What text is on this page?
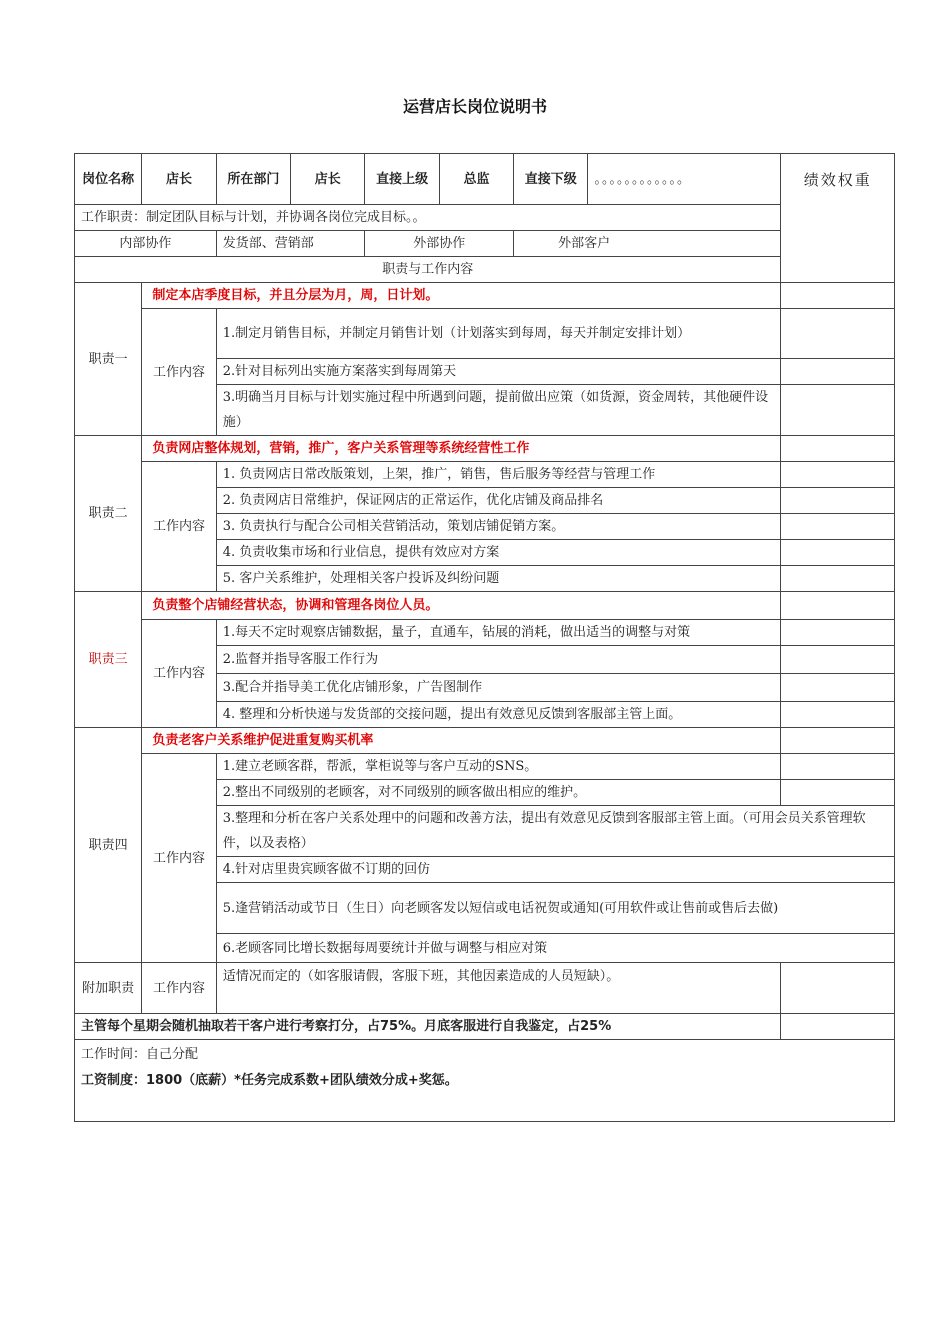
运营店长岗位说明书
岗位名称	店长	所在部门	店长	直接上级	总监	直接下级	。。。。。。。。。。。。	绩效权重
工作职责：制定团队目标与计划，并协调各岗位完成目标。。								
内部协作		发货部、营销部		外部协作		外部客户		
职责与工作内容								
职责一	制定本店季度目标，并且分层为月，周，日计划。							
	工作内容	1.制定月销售目标，并制定月销售计划（计划落实到每周，每天并制定安排计划）						
		2.针对目标列出实施方案落实到每周第天						
		3.明确当月目标与计划实施过程中所遇到问题，提前做出应策（如货源，资金周转，其他硬件设施）						
职责二	负责网店整体规划，营销，推广，客户关系管理等系统经营性工作							
	工作内容	1. 负责网店日常改版策划，上架，推广，销售，售后服务等经营与管理工作						
		2. 负责网店日常维护，保证网店的正常运作，优化店铺及商品排名						
		3. 负责执行与配合公司相关营销活动，策划店铺促销方案。						
		4. 负责收集市场和行业信息，提供有效应对方案						
		5. 客户关系维护，处理相关客户投诉及纠纷问题						
职责三	负责整个店铺经营状态，协调和管理各岗位人员。							
	工作内容	1.每天不定时观察店铺数据，量子，直通车，钻展的消耗，做出适当的调整与对策						
		2.监督并指导客服工作行为						
		3.配合并指导美工优化店铺形象，广告图制作						
		4. 整理和分析快递与发货部的交接问题，提出有效意见反馈到客服部主管上面。						
职责四	负责老客户关系维护促进重复购买机率							
	工作内容	1.建立老顾客群，帮派，掌柜说等与客户互动的SNS。						
		2.整出不同级别的老顾客，对不同级别的顾客做出相应的维护。						
		3.整理和分析在客户关系处理中的问题和改善方法，提出有效意见反馈到客服部主管上面。（可用会员关系管理软件，以及表格）						
		4.针对店里贵宾顾客做不订期的回仿						
		5.逢营销活动或节日（生日）向老顾客发以短信或电话祝贺或通知(可用软件或让售前或售后去做)						
		6.老顾客同比增长数据每周要统计并做与调整与相应对策						
附加职责	工作内容	适情况而定的（如客服请假，客服下班，其他因素造成的人员短缺）。						
主管每个星期会随机抽取若干客户进行考察打分，占75%。月底客服进行自我鉴定，占25%								

工作时间：自己分配
工资制度：1800（底薪）*任务完成系数+团队绩效分成+奖惩。								
